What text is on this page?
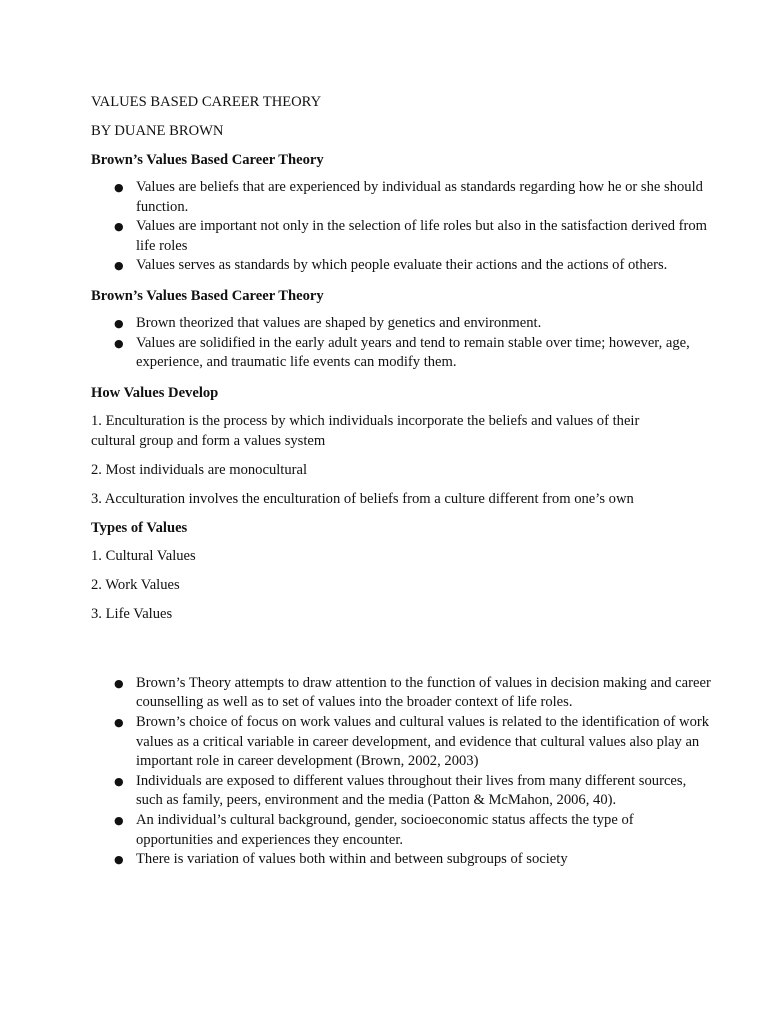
VALUES BASED CAREER THEORY

BY DUANE BROWN

Brown’s Values Based Career Theory

● Values are beliefs that are experienced by individual as standards regarding how he or she should function.
● Values are important not only in the selection of life roles but also in the satisfaction derived from life roles
● Values serves as standards by which people evaluate their actions and the actions of others.

Brown’s Values Based Career Theory

● Brown theorized that values are shaped by genetics and environment.
● Values are solidified in the early adult years and tend to remain stable over time; however, age, experience, and traumatic life events can modify them.

How Values Develop

1. Enculturation is the process by which individuals incorporate the beliefs and values of their cultural group and form a values system

2. Most individuals are monocultural

3. Acculturation involves the enculturation of beliefs from a culture different from one’s own

Types of Values

1. Cultural Values

2. Work Values

3. Life Values

● Brown’s Theory attempts to draw attention to the function of values in decision making and career counselling as well as to set of values into the broader context of life roles.
● Brown’s choice of focus on work values and cultural values is related to the identification of work values as a critical variable in career development, and evidence that cultural values also play an important role in career development (Brown, 2002, 2003)
● Individuals are exposed to different values throughout their lives from many different sources, such as family, peers, environment and the media (Patton & McMahon, 2006, 40).
● An individual’s cultural background, gender, socioeconomic status affects the type of opportunities and experiences they encounter.
● There is variation of values both within and between subgroups of society
